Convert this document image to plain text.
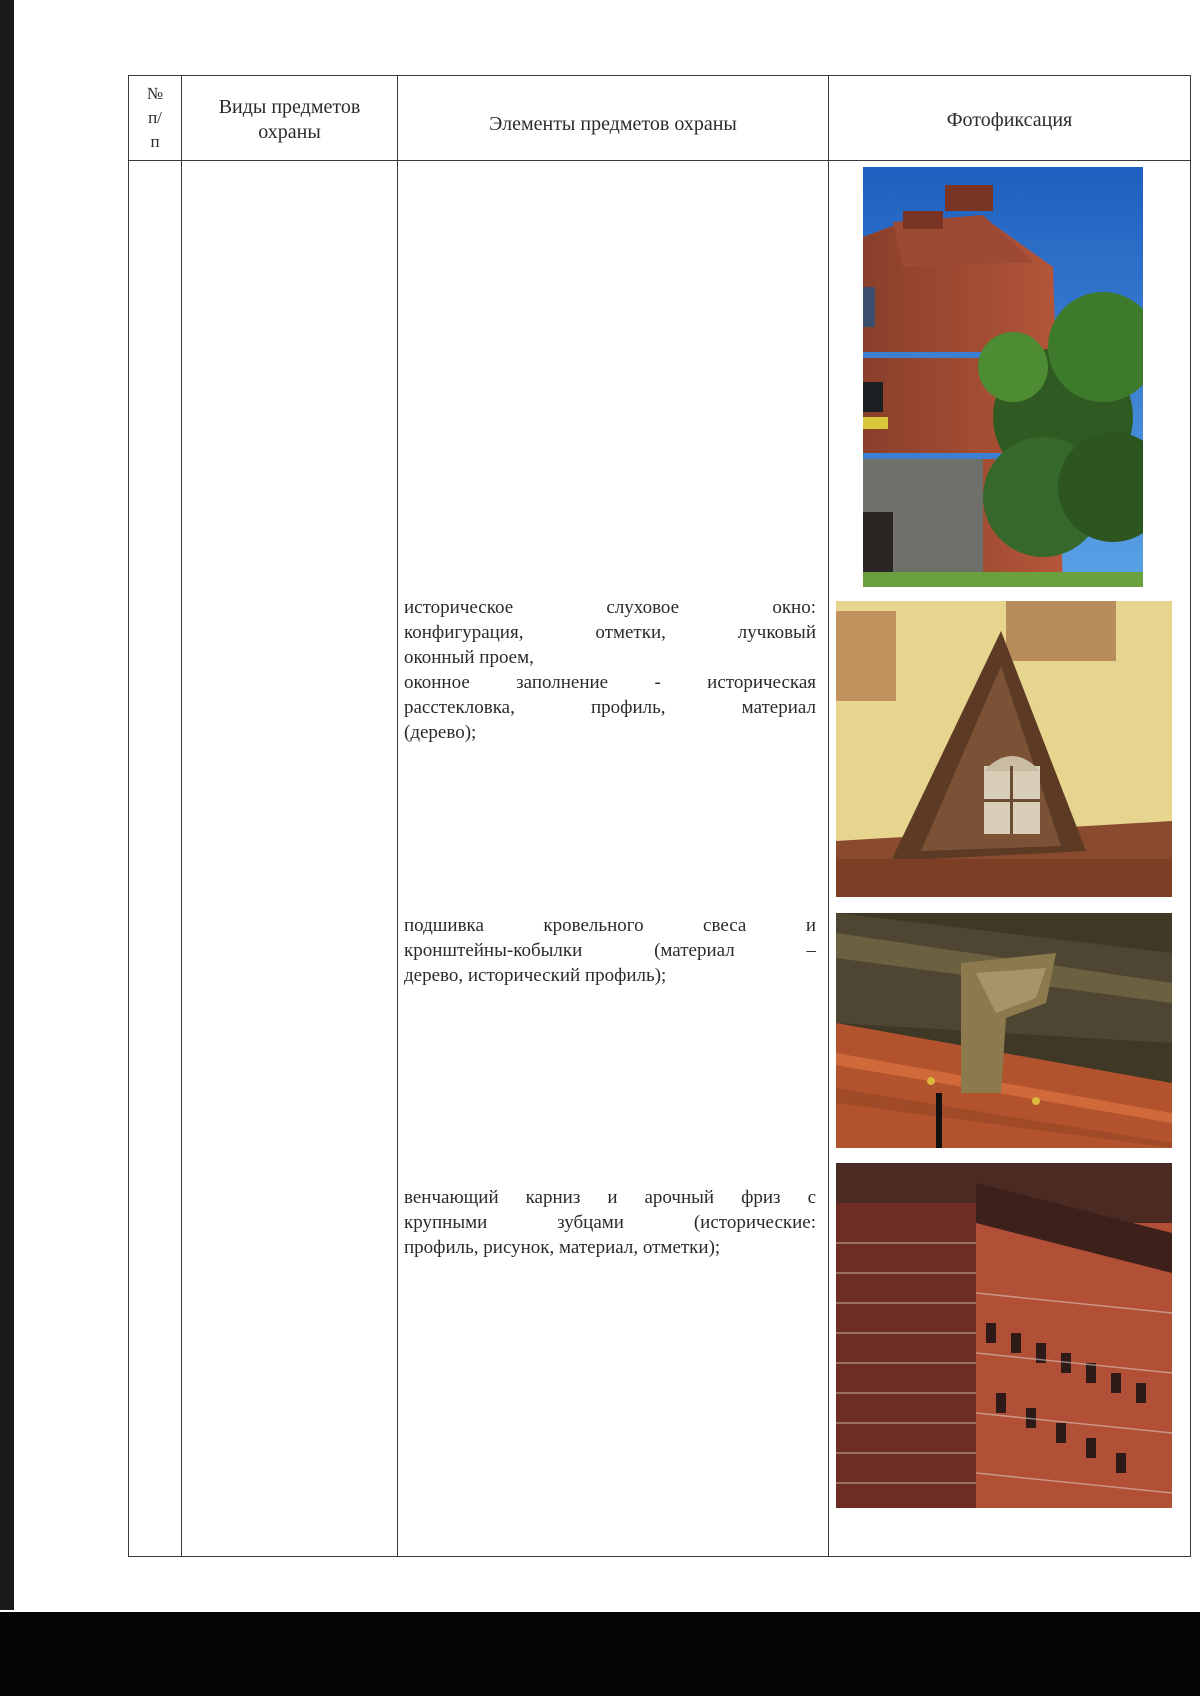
№
п/
п
Виды предметов
охраны	Элементы предметов охраны	Фотофиксация
историческое слуховое окно:
конфигурация, отметки, лучковый
оконный проем,
оконное заполнение - историческая
расстекловка, профиль, материал
(дерево);
подшивка кровельного свеса и
кронштейны-кобылки (материал –
дерево, исторический профиль);
венчающий карниз и арочный фриз с
крупными зубцами (исторические:
профиль, рисунок, материал, отметки);
